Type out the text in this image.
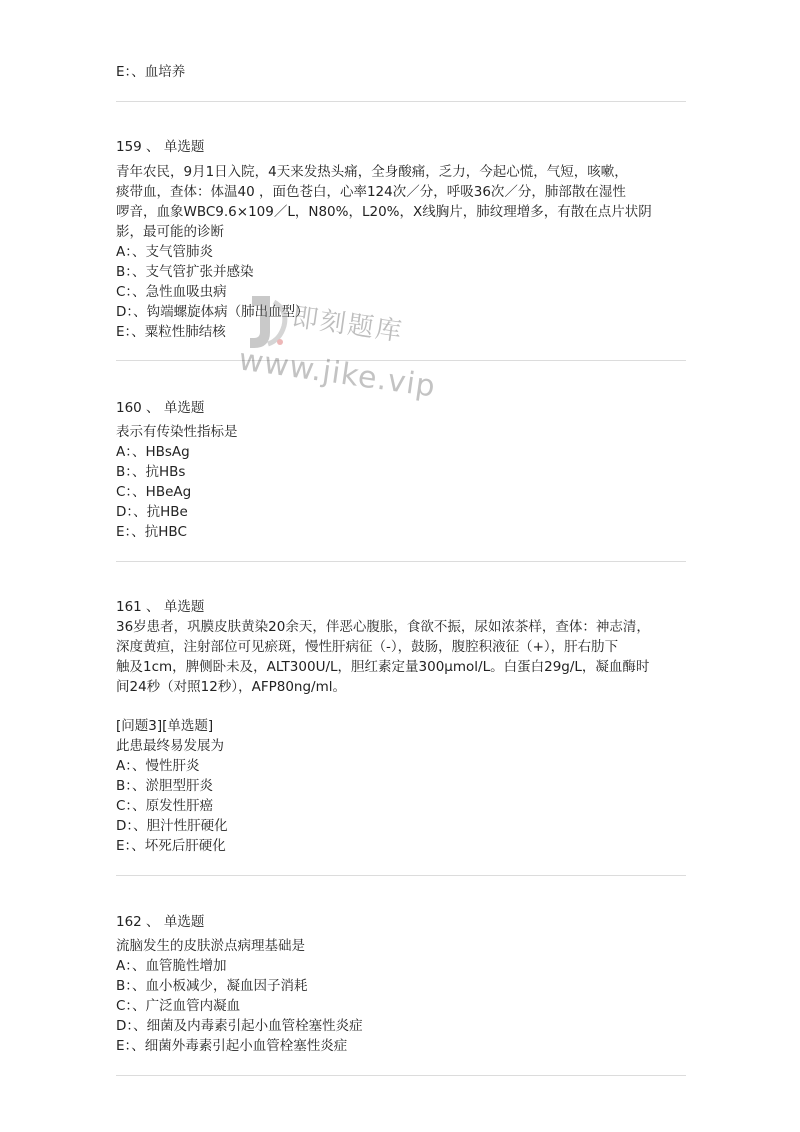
E：、血培养
159 、 单选题
青年农民，9月1日入院，4天来发热头痛，全身酸痛，乏力，今起心慌，气短，咳嗽，
痰带血，查体：体温40 ，面色苍白，心率124次／分，呼吸36次／分，肺部散在湿性
啰音，血象WBC9.6×109／L，N80%，L20%，X线胸片，肺纹理增多，有散在点片状阴
影，最可能的诊断
A：、支气管肺炎
B：、支气管扩张并感染
C：、急性血吸虫病
D：、钩端螺旋体病（肺出血型）
E：、粟粒性肺结核
160 、 单选题
表示有传染性指标是
A：、HBsAg
B：、抗HBs
C：、HBeAg
D：、抗HBe
E：、抗HBC
161 、 单选题
36岁患者，巩膜皮肤黄染20余天，伴恶心腹胀，食欲不振，尿如浓茶样，查体：神志清，
深度黄疸，注射部位可见瘀斑，慢性肝病征（-），鼓肠，腹腔积液征（+），肝右肋下
触及1cm，脾侧卧未及，ALT300U/L，胆红素定量300μmol/L。白蛋白29g/L，凝血酶时
间24秒（对照12秒），AFP80ng/ml。
[问题3][单选题]
此患最终易发展为
A：、慢性肝炎
B：、淤胆型肝炎
C：、原发性肝癌
D：、胆汁性肝硬化
E：、坏死后肝硬化
162 、 单选题
流脑发生的皮肤淤点病理基础是
A：、血管脆性增加
B：、血小板减少，凝血因子消耗
C：、广泛血管内凝血
D：、细菌及内毒素引起小血管栓塞性炎症
E：、细菌外毒素引起小血管栓塞性炎症
即刻题库
www.jike.vip
